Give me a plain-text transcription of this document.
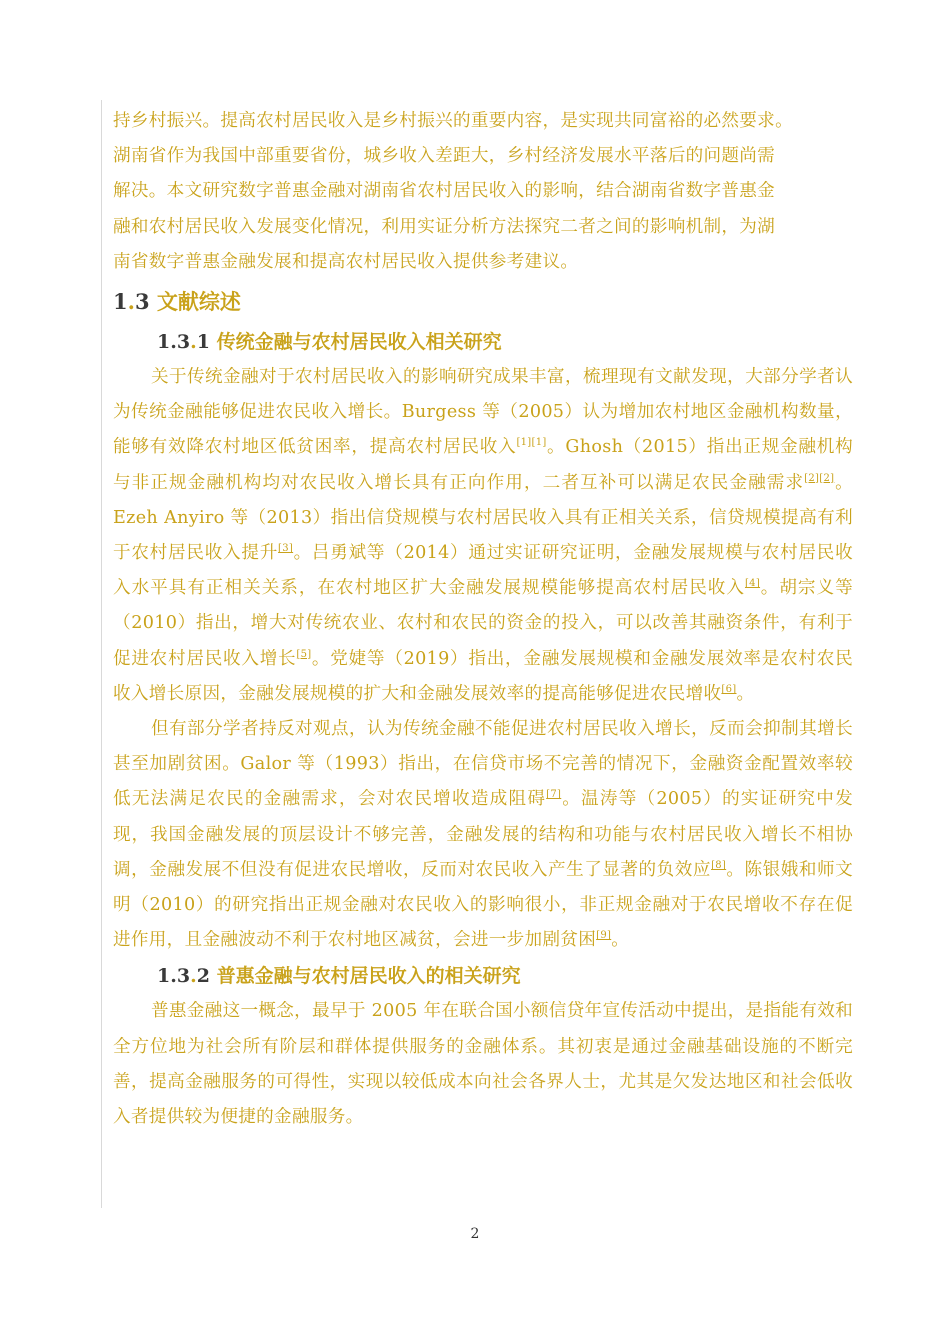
持乡村振兴。提高农村居民收入是乡村振兴的重要内容，是实现共同富裕的必然要求。
湖南省作为我国中部重要省份，城乡收入差距大，乡村经济发展水平落后的问题尚需
解决。本文研究数字普惠金融对湖南省农村居民收入的影响，结合湖南省数字普惠金
融和农村居民收入发展变化情况，利用实证分析方法探究二者之间的影响机制，为湖
南省数字普惠金融发展和提高农村居民收入提供参考建议。

1.3 文献综述
1.3.1 传统金融与农村居民收入相关研究

关于传统金融对于农村居民收入的影响研究成果丰富，梳理现有文献发现，大部分学者认为传统金融能够促进农民收入增长。Burgess 等（2005）认为增加农村地区金融机构数量，能够有效降农村地区低贫困率，提高农村居民收入[1][1]。Ghosh（2015）指出正规金融机构与非正规金融机构均对农民收入增长具有正向作用，二者互补可以满足农民金融需求[2][2]。Ezeh Anyiro 等（2013）指出信贷规模与农村居民收入具有正相关关系，信贷规模提高有利于农村居民收入提升[3]。吕勇斌等（2014）通过实证研究证明，金融发展规模与农村居民收入水平具有正相关关系，在农村地区扩大金融发展规模能够提高农村居民收入[4]。胡宗义等（2010）指出，增大对传统农业、农村和农民的资金的投入，可以改善其融资条件，有利于促进农村居民收入增长[5]。党婕等（2019）指出，金融发展规模和金融发展效率是农村农民收入增长原因，金融发展规模的扩大和金融发展效率的提高能够促进农民增收[6]。

但有部分学者持反对观点，认为传统金融不能促进农村居民收入增长，反而会抑制其增长甚至加剧贫困。Galor 等（1993）指出，在信贷市场不完善的情况下，金融资金配置效率较低无法满足农民的金融需求，会对农民增收造成阻碍[7]。温涛等（2005）的实证研究中发现，我国金融发展的顶层设计不够完善，金融发展的结构和功能与农村居民收入增长不相协调，金融发展不但没有促进农民增收，反而对农民收入产生了显著的负效应[8]。陈银娥和师文明（2010）的研究指出正规金融对农民收入的影响很小，非正规金融对于农民增收不存在促进作用，且金融波动不利于农村地区减贫，会进一步加剧贫困[9]。

1.3.2 普惠金融与农村居民收入的相关研究

普惠金融这一概念，最早于 2005 年在联合国小额信贷年宣传活动中提出，是指能有效和全方位地为社会所有阶层和群体提供服务的金融体系。其初衷是通过金融基础设施的不断完善，提高金融服务的可得性，实现以较低成本向社会各界人士，尤其是欠发达地区和社会低收入者提供较为便捷的金融服务。

2
